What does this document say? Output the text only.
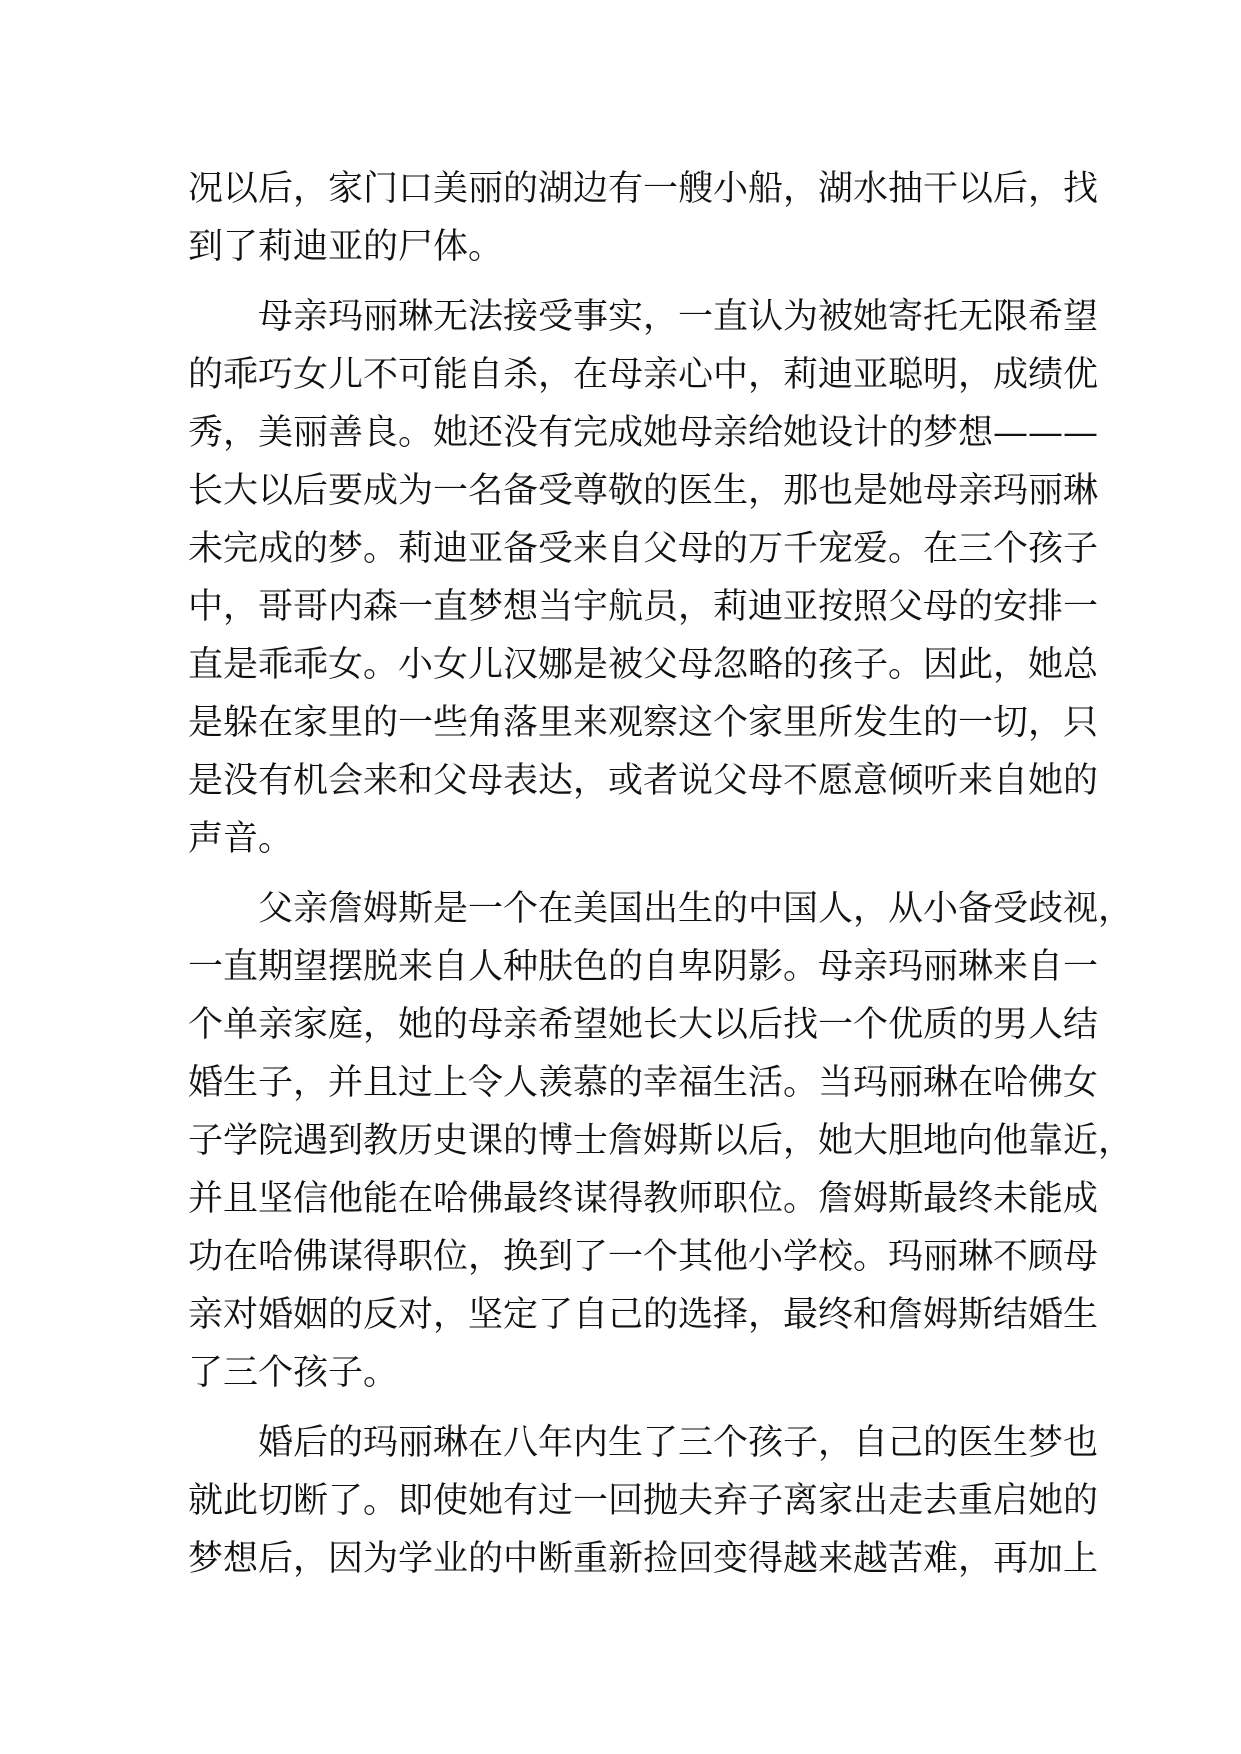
况以后，家门口美丽的湖边有一艘小船，湖水抽干以后，找
到了莉迪亚的尸体。
母亲玛丽琳无法接受事实，一直认为被她寄托无限希望
的乖巧女儿不可能自杀，在母亲心中，莉迪亚聪明，成绩优
秀，美丽善良。她还没有完成她母亲给她设计的梦想———
长大以后要成为一名备受尊敬的医生，那也是她母亲玛丽琳
未完成的梦。莉迪亚备受来自父母的万千宠爱。在三个孩子
中，哥哥内森一直梦想当宇航员，莉迪亚按照父母的安排一
直是乖乖女。小女儿汉娜是被父母忽略的孩子。因此，她总
是躲在家里的一些角落里来观察这个家里所发生的一切，只
是没有机会来和父母表达，或者说父母不愿意倾听来自她的
声音。
父亲詹姆斯是一个在美国出生的中国人，从小备受歧视，
一直期望摆脱来自人种肤色的自卑阴影。母亲玛丽琳来自一
个单亲家庭，她的母亲希望她长大以后找一个优质的男人结
婚生子，并且过上令人羡慕的幸福生活。当玛丽琳在哈佛女
子学院遇到教历史课的博士詹姆斯以后，她大胆地向他靠近，
并且坚信他能在哈佛最终谋得教师职位。詹姆斯最终未能成
功在哈佛谋得职位，换到了一个其他小学校。玛丽琳不顾母
亲对婚姻的反对，坚定了自己的选择，最终和詹姆斯结婚生
了三个孩子。
婚后的玛丽琳在八年内生了三个孩子，自己的医生梦也
就此切断了。即使她有过一回抛夫弃子离家出走去重启她的
梦想后，因为学业的中断重新捡回变得越来越苦难，再加上
